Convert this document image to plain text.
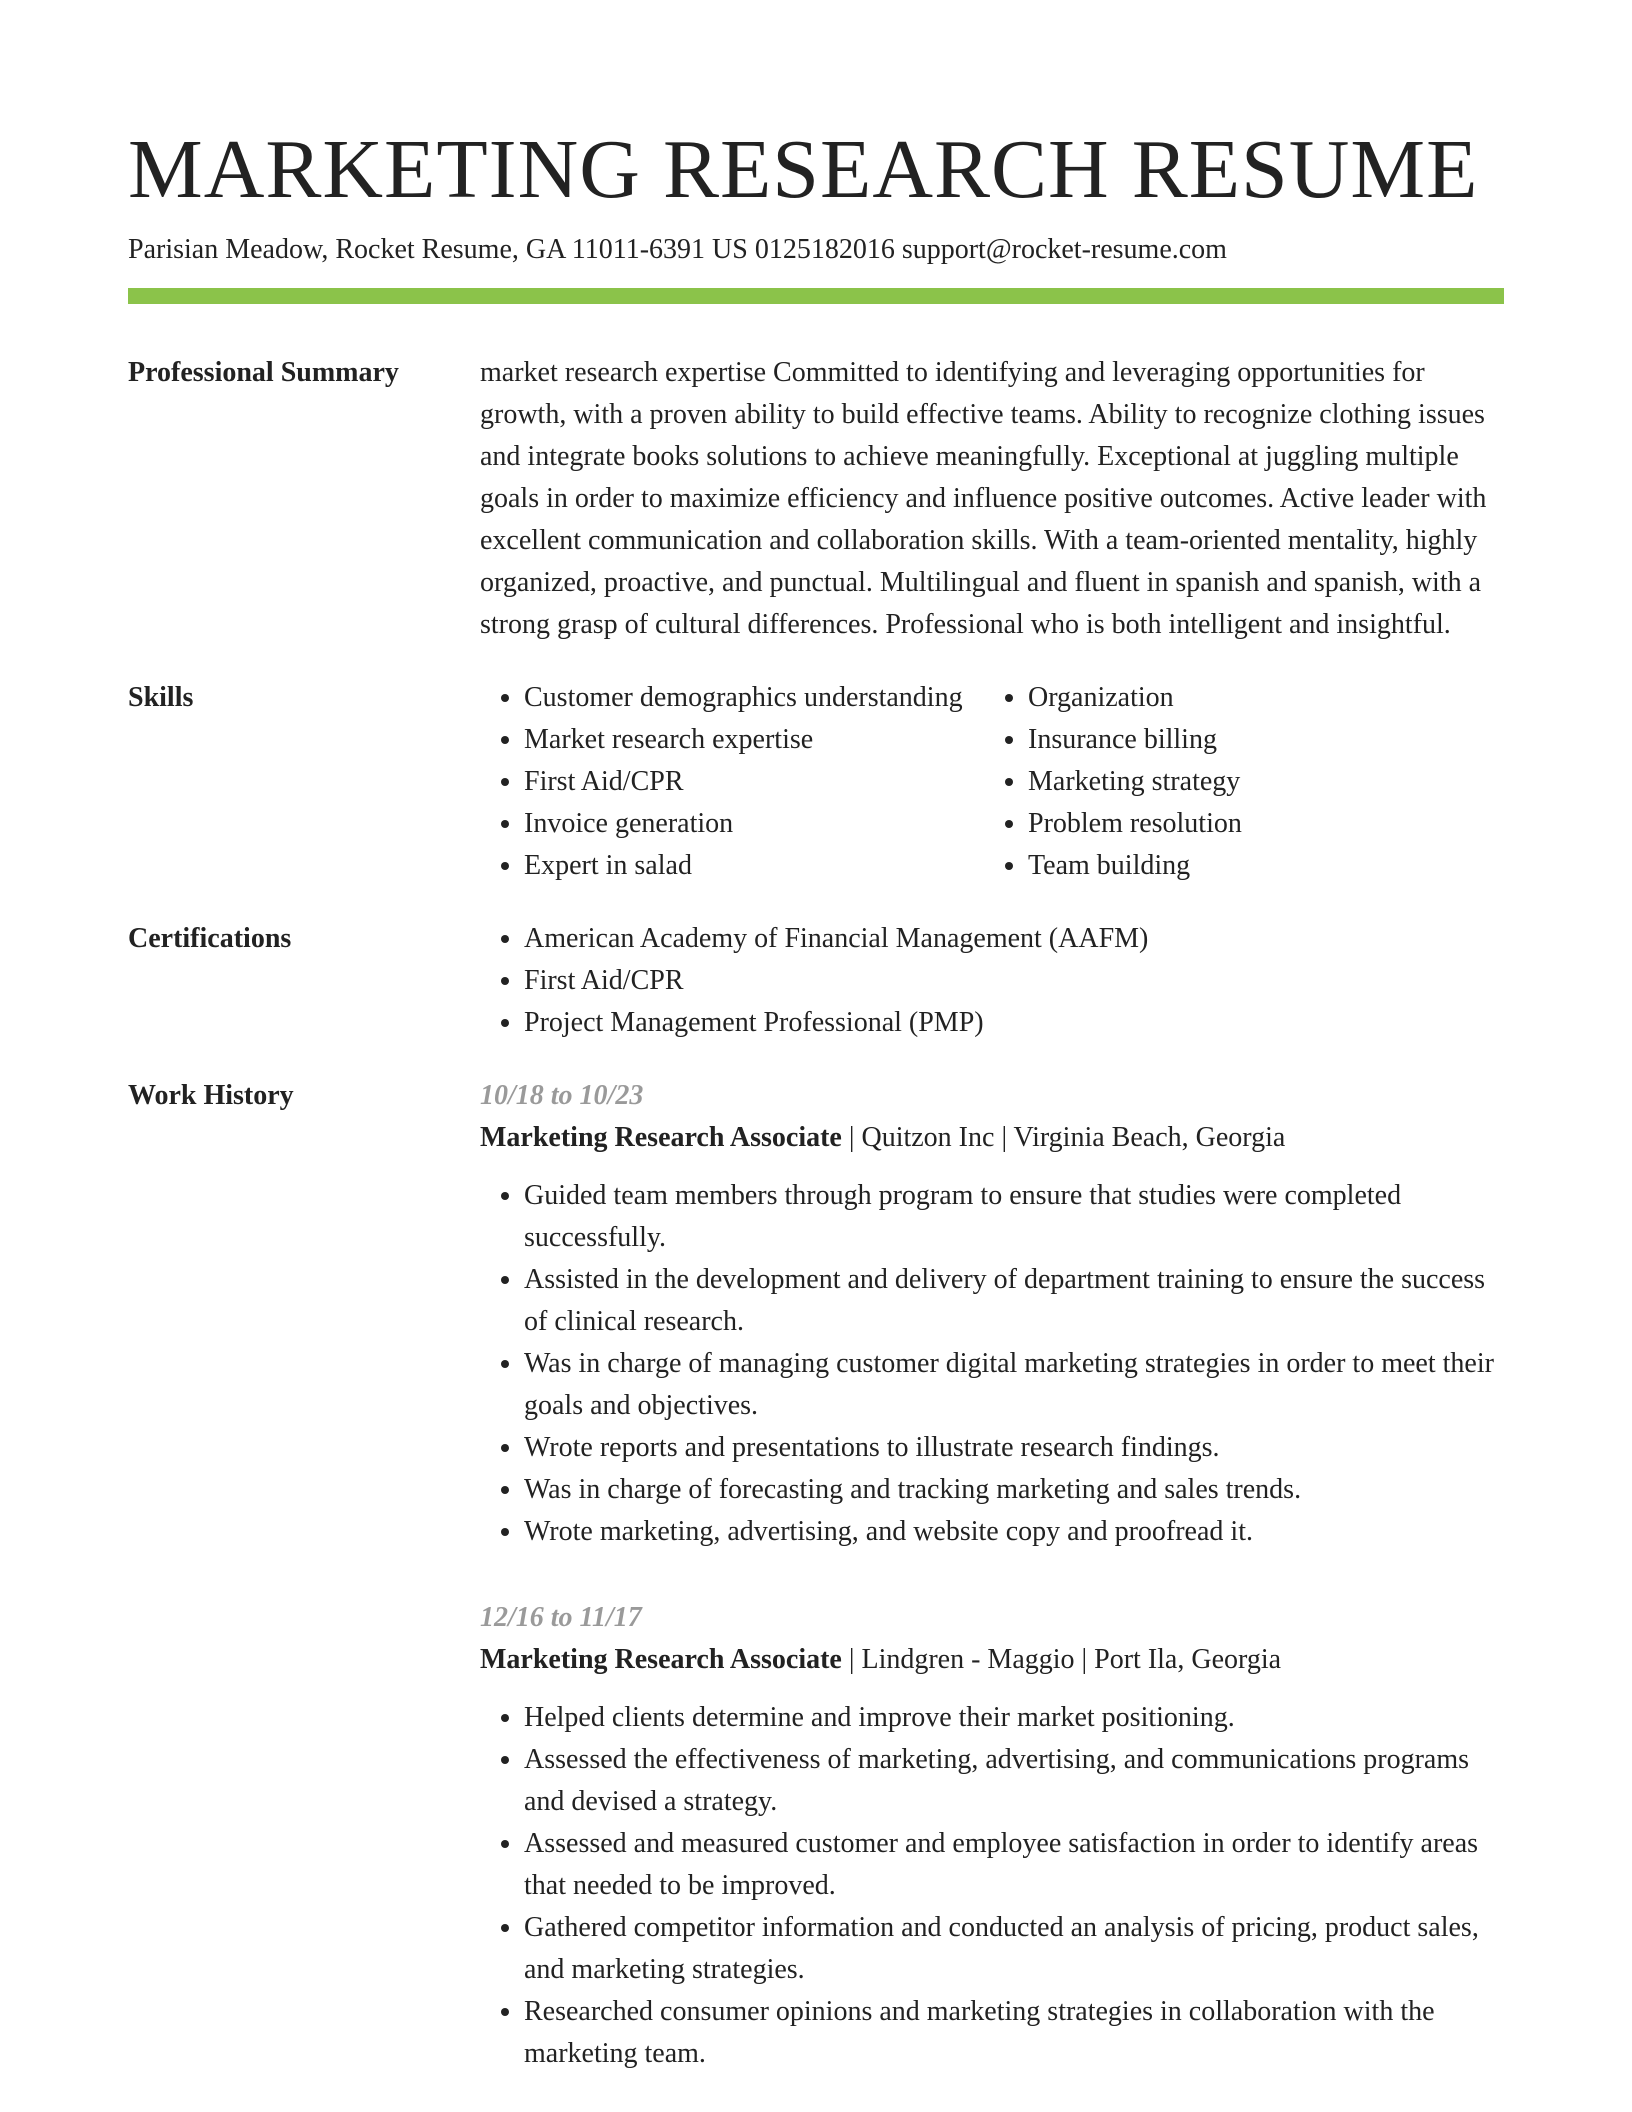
MARKETING RESEARCH RESUME
Parisian Meadow, Rocket Resume, GA 11011-6391 US 0125182016 support@rocket-resume.com
Professional Summary	market research expertise Committed to identifying and leveraging opportunities for growth, with a proven ability to build effective teams. Ability to recognize clothing issues and integrate books solutions to achieve meaningfully. Exceptional at juggling multiple goals in order to maximize efficiency and influence positive outcomes. Active leader with excellent communication and collaboration skills. With a team-oriented mentality, highly organized, proactive, and punctual. Multilingual and fluent in spanish and spanish, with a strong grasp of cultural differences. Professional who is both intelligent and insightful.

Skills	• Customer demographics understanding
• Market research expertise
• First Aid/CPR
• Invoice generation
• Expert in salad
• Organization
• Insurance billing
• Marketing strategy
• Problem resolution
• Team building
Certifications	• American Academy of Financial Management (AAFM)
• First Aid/CPR
• Project Management Professional (PMP)
Work History	10/18 to 10/23
Marketing Research Associate | Quitzon Inc | Virginia Beach, Georgia
• Guided team members through program to ensure that studies were completed successfully.
• Assisted in the development and delivery of department training to ensure the success of clinical research.
• Was in charge of managing customer digital marketing strategies in order to meet their goals and objectives.
• Wrote reports and presentations to illustrate research findings.
• Was in charge of forecasting and tracking marketing and sales trends.
• Wrote marketing, advertising, and website copy and proofread it.
12/16 to 11/17
Marketing Research Associate | Lindgren - Maggio | Port Ila, Georgia
• Helped clients determine and improve their market positioning.
• Assessed the effectiveness of marketing, advertising, and communications programs and devised a strategy.
• Assessed and measured customer and employee satisfaction in order to identify areas that needed to be improved.
• Gathered competitor information and conducted an analysis of pricing, product sales, and marketing strategies.
• Researched consumer opinions and marketing strategies in collaboration with the marketing team.
